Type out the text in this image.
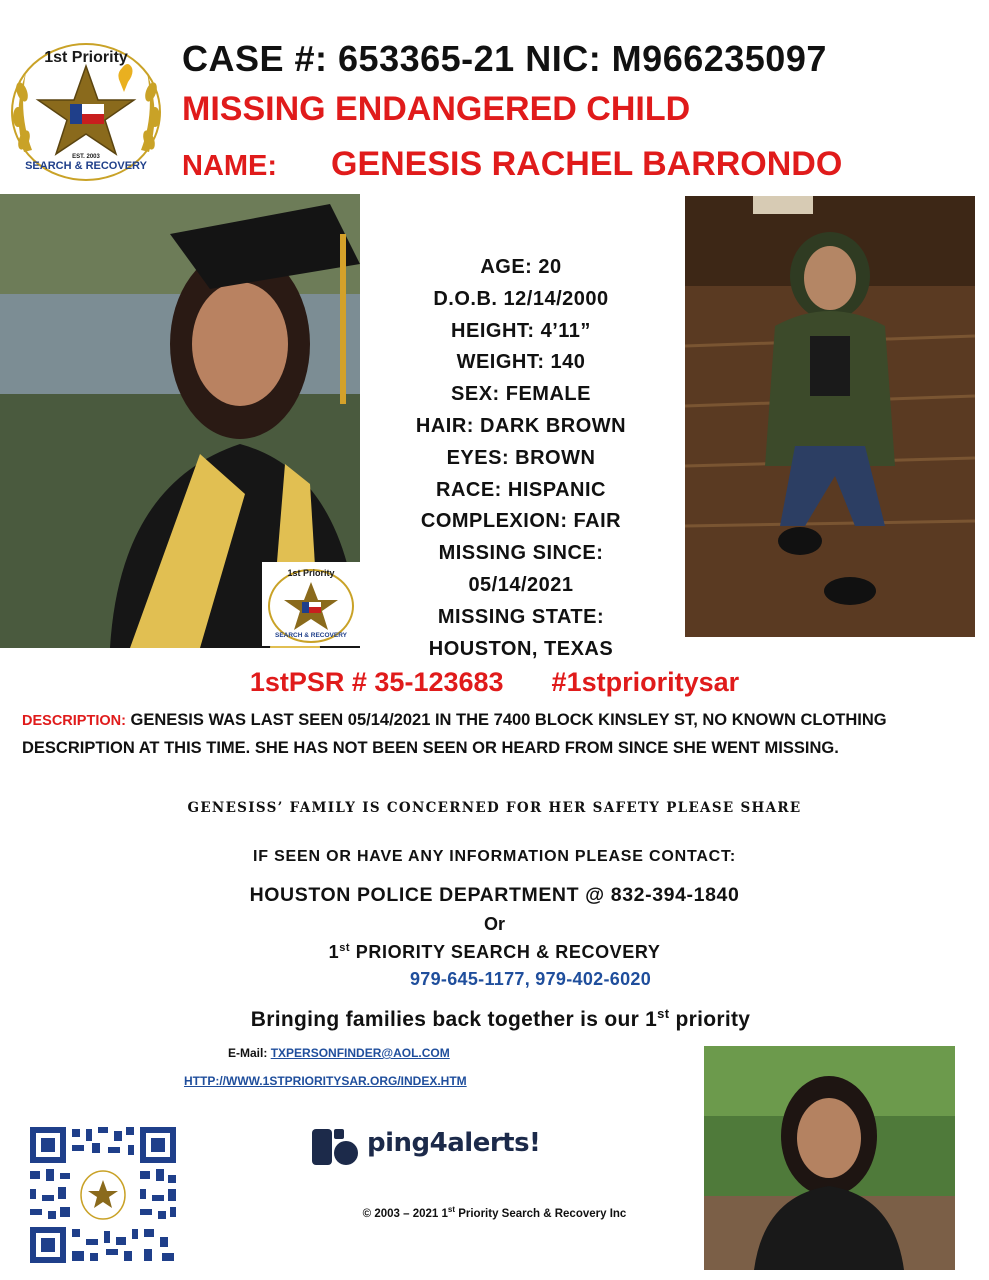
1st Priority
EST. 2003
SEARCH & RECOVERY
CASE #: 653365-21 NIC: M966235097
MISSING ENDANGERED CHILD
NAME: GENESIS RACHEL BARRONDO
1st Priority
SEARCH & RECOVERY
AGE: 20
D.O.B. 12/14/2000
HEIGHT: 4’11”
WEIGHT: 140
SEX: FEMALE
HAIR: DARK BROWN
EYES: BROWN
RACE: HISPANIC
COMPLEXION: FAIR
MISSING SINCE:
05/14/2021
MISSING STATE:
HOUSTON, TEXAS
1stPSR # 35-123683 #1stprioritysar
DESCRIPTION: GENESIS WAS LAST SEEN 05/14/2021 IN THE 7400 BLOCK KINSLEY ST, NO KNOWN CLOTHING DESCRIPTION AT THIS TIME. SHE HAS NOT BEEN SEEN OR HEARD FROM SINCE SHE WENT MISSING.
GENESISS’ FAMILY IS CONCERNED FOR HER SAFETY PLEASE SHARE
IF SEEN OR HAVE ANY INFORMATION PLEASE CONTACT:
HOUSTON POLICE DEPARTMENT @ 832-394-1840
Or
1st PRIORITY SEARCH & RECOVERY
979-645-1177, 979-402-6020
Bringing families back together is our 1st priority
E-Mail: TXPERSONFINDER@AOL.COM
HTTP://WWW.1STPRIORITYSAR.ORG/INDEX.HTM
ping4alerts!
© 2003 – 2021 1st Priority Search & Recovery Inc
